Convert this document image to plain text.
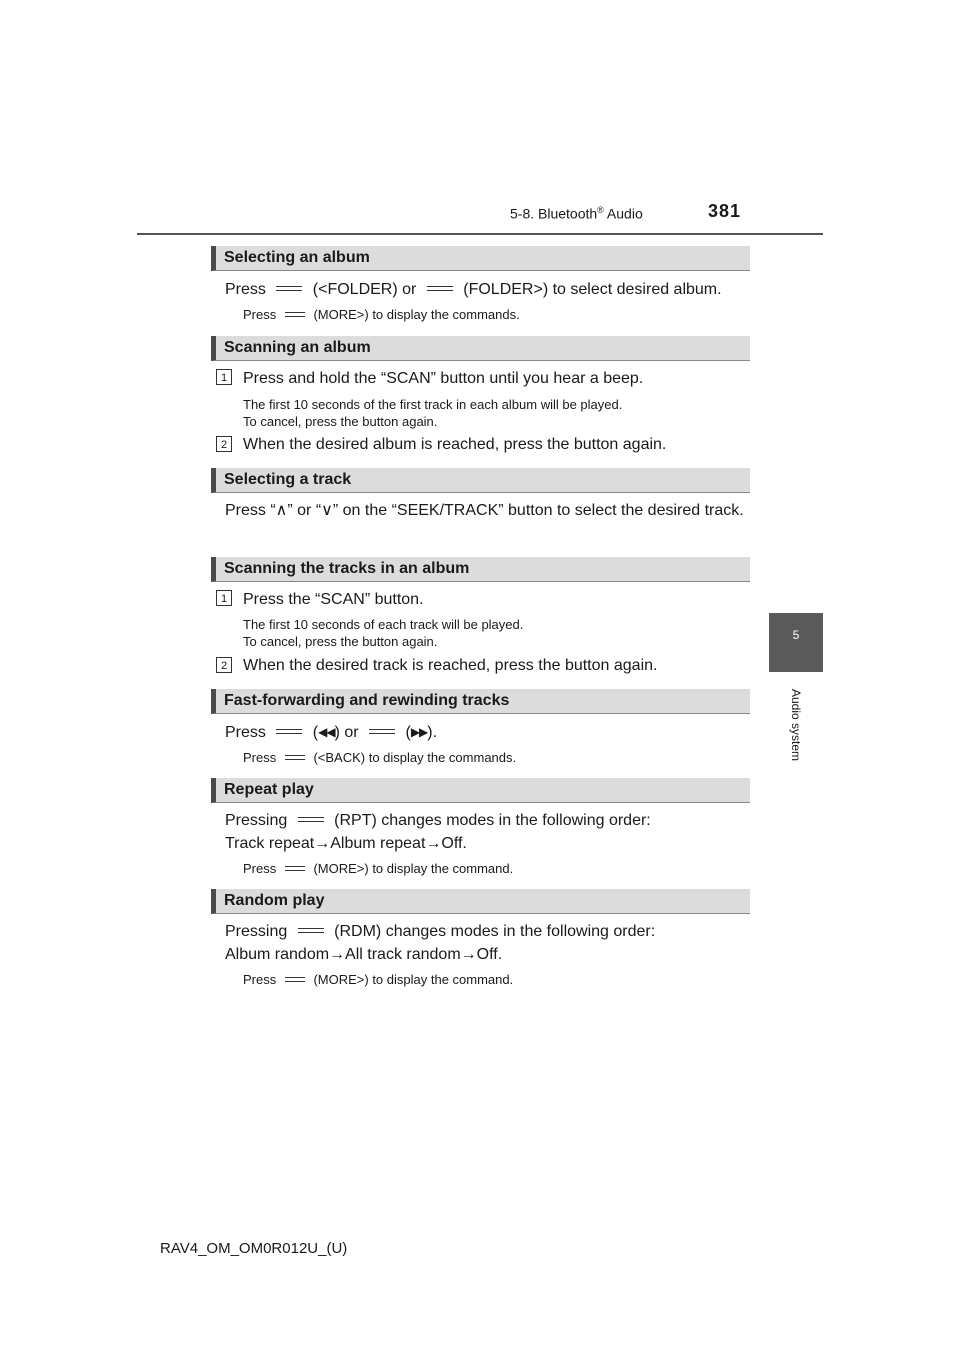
5-8. Bluetooth® Audio	381
5
Audio system
Selecting an album
Press  (<FOLDER) or  (FOLDER>) to select desired album.
Press  (MORE>) to display the commands.
Scanning an album
1 Press and hold the “SCAN” button until you hear a beep.
The first 10 seconds of the first track in each album will be played.
To cancel, press the button again.
2 When the desired album is reached, press the button again.
Selecting a track
Press “∧” or “∨” on the “SEEK/TRACK” button to select the desired track.
Scanning the tracks in an album
1 Press the “SCAN” button.
The first 10 seconds of each track will be played.
To cancel, press the button again.
2 When the desired track is reached, press the button again.
Fast-forwarding and rewinding tracks
Press  (◀◀) or  (▶▶).
Press  (<BACK) to display the commands.
Repeat play
Pressing  (RPT) changes modes in the following order:
Track repeat→Album repeat→Off.
Press  (MORE>) to display the command.
Random play
Pressing  (RDM) changes modes in the following order:
Album random→All track random→Off.
Press  (MORE>) to display the command.
RAV4_OM_OM0R012U_(U)
